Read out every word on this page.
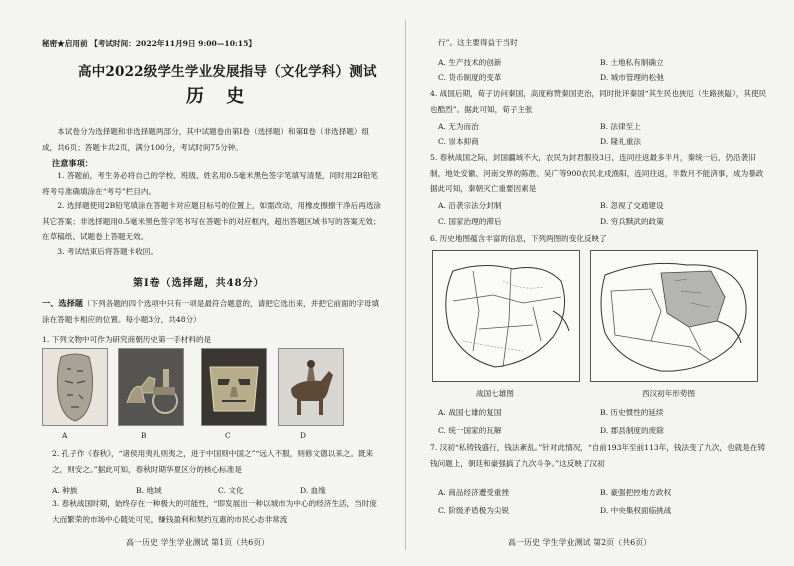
秘密★启用前 【考试时间：2022年11月9日 9:00—10:15】
高中2022级学生学业发展指导（文化学科）测试
历 史
本试卷分为选择题和非选择题两部分，其中试题卷由第Ⅰ卷（选择题）和第Ⅱ卷（非选择题）组成，共6页；答题卡共2页，满分100分，考试时间75分钟。
注意事项：
1. 答题前，考生务必将自己的学校、班级、姓名用0.5毫米黑色签字笔填写清楚，同时用2B铅笔将考号准确填涂在“考号”栏目内。
2. 选择题使用2B铅笔填涂在答题卡对应题目标号的位置上，如需改动，用橡皮擦擦干净后再选涂其它答案；非选择题用0.5毫米黑色签字笔书写在答题卡的对应框内，超出答题区域书写的答案无效；在草稿纸、试题卷上答题无效。
3. 考试结束后将答题卡收回。
第Ⅰ卷（选择题，共48分）
一、选择题（下列各题的四个选项中只有一项是最符合题意的，请把它选出来，并把它前面的字母填涂在答题卡相应的位置。每小题3分，共48分）
1. 下列文物中可作为研究商朝历史第一手材料的是
A	B	C	D
2. 孔子作《春秋》，“诸侯用夷礼则夷之，进于中国则中国之”“远人不服，则修文德以来之。既来之，则安之。”据此可知，春秋时期华夏区分的核心标准是
A. 种族	B. 地域	C. 文化	D. 血缘
3. 春秋战国时期，始终存在一种极大的可能性，“即发展出一种以城市为中心的经济生活，当时庞大而繁荣的市场中心随处可见，赚钱盈利和契约互惠的市民心态非常流
高一历史 学生学业测试 第1页（共6页）
行”。这主要得益于当时
A. 生产技术的创新	B. 土地私有制确立
C. 货币制度的变革	D. 城市管理的松弛
4. 战国后期，荀子访问秦国，高度称赞秦国吏治，同时批评秦国“其生民也狭厄（生路狭隘），其使民也酷烈”。据此可知，荀子主张
A. 无为而治	B. 法律至上
C. 崇本抑商	D. 隆礼重法
5. 春秋战国之际，封国疆域不大，农民为封君服役3日，连同往返最多半月，秦统一后，仍沿袭旧制，地处安徽、河南交界的陈胜、吴广等900农民北戍渔阳，连同往返，半数月不能済事，成为暴政据此可知，秦朝灭亡重要因素是
A. 沿袭宗法分封制	B. 忽视了交通建设
C. 国家治理的滞后	D. 穷兵黩武的政策
6. 历史地图蕴含丰富的信息，下列两图的变化反映了
战国七雄图	西汉初年形势图
A. 战国七雄的复国	B. 历史惯性的延续
C. 统一国家的瓦解	D. 郡县制度的废除
7. 汉初“私铸钱盛行，钱法紊乱。”针对此情况，“自前193年至前113年，钱法变了九次，也就是在铸钱问题上，朝廷和豪强搞了九次斗争。”这反映了汉初
A. 商品经济遭受重挫	B. 豪强把控地方政权
C. 阶级矛盾极为尖锐	D. 中央集权面临挑战
高一历史 学生学业测试 第2页（共6页）
